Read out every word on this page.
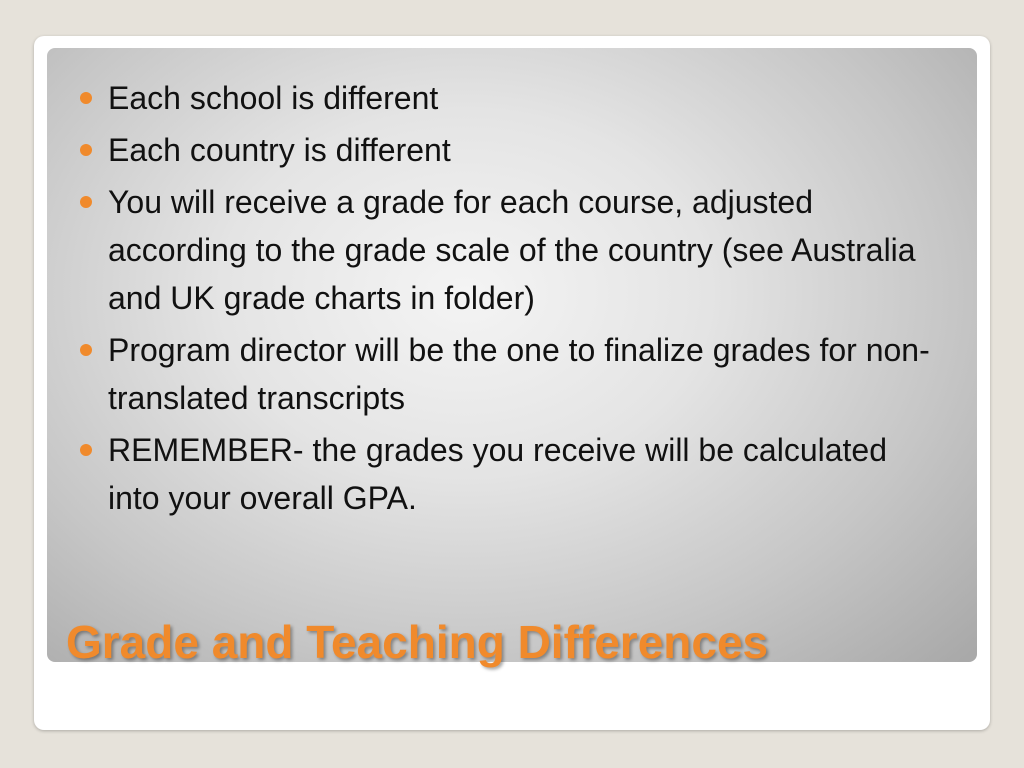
Each school is different
Each country is different
You will receive a grade for each course, adjusted according to the grade scale of the country (see Australia and UK grade charts in folder)
Program director will be the one to finalize grades for non-translated transcripts
REMEMBER- the grades you receive will be calculated into your overall GPA.
Grade and Teaching Differences
